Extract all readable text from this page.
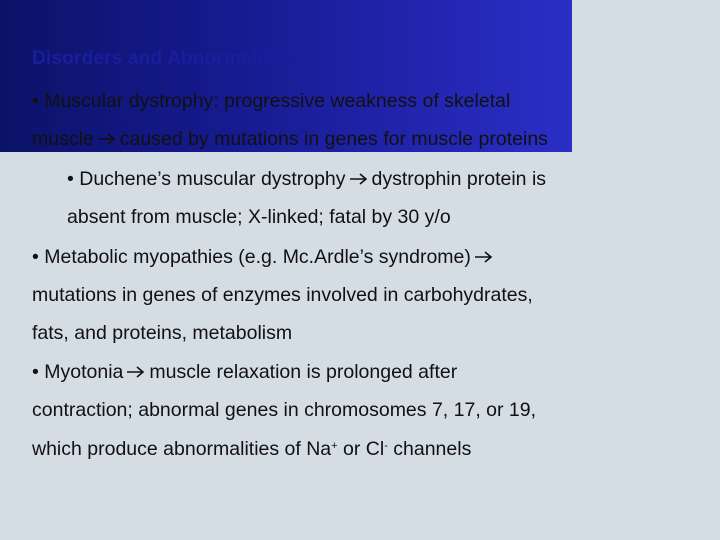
Disorders and Abnormalities
• Muscular dystrophy: progressive weakness of skeletal
muscle caused by mutations in genes for muscle proteins
• Duchene’s muscular dystrophy dystrophin protein is
absent from muscle; X-linked; fatal by 30 y/o
• Metabolic myopathies (e.g. Mc.Ardle’s syndrome)
mutations in genes of enzymes involved in carbohydrates,
fats, and proteins, metabolism
• Myotonia muscle relaxation is prolonged after
contraction; abnormal genes in chromosomes 7, 17, or 19,
which produce abnormalities of Na+ or Cl- channels
